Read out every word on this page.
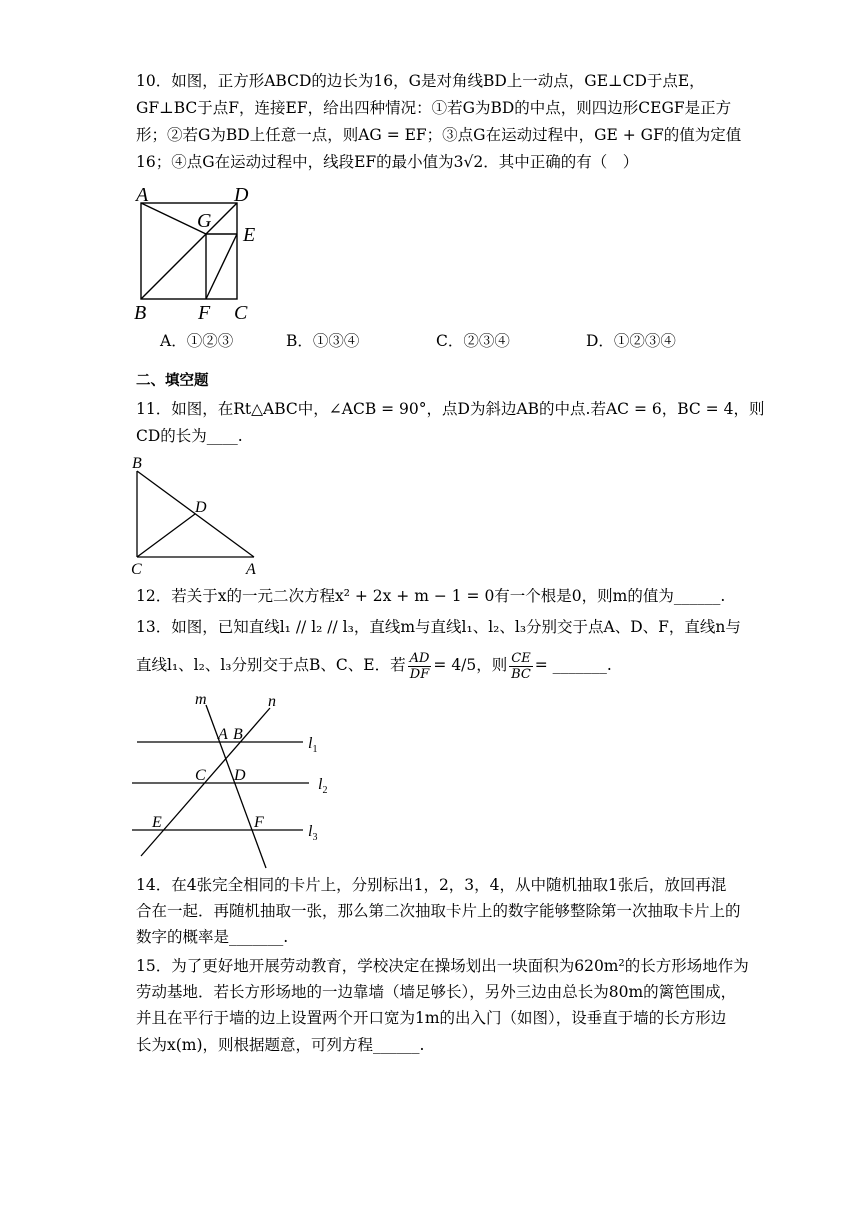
10．如图，正方形ABCD的边长为16，G是对角线BD上一动点，GE⊥CD于点E，
GF⊥BC于点F，连接EF，给出四种情况：①若G为BD的中点，则四边形CEGF是正方
形；②若G为BD上任意一点，则AG = EF；③点G在运动过程中，GE + GF的值为定值
16；④点G在运动过程中，线段EF的最小值为3√2．其中正确的有（　）
A	D
G
E
B	F C
A．①②③	B．①③④	C．②③④	D．①②③④
二、填空题
11．如图，在Rt△ABC中，∠ACB = 90°，点D为斜边AB的中点.若AC = 6，BC = 4，则
CD的长为____.
B
D
C	A
12．若关于x的一元二次方程x² + 2x + m − 1 = 0有一个根是0，则m的值为______.
13．如图，已知直线l₁ // l₂ // l₃，直线m与直线l₁、l₂、l₃分别交于点A、D、F，直线n与
直线l₁、l₂、l₃分别交于点B、C、E．若 $\frac{AD}{DF} = 4/5$，则 $\frac{CE}{BC}$ = _______.
m	n
A B
$l_1$
C D
$l_2$
E	F
$l_3$
14．在4张完全相同的卡片上，分别标出1，2，3，4，从中随机抽取1张后，放回再混
合在一起．再随机抽取一张，那么第二次抽取卡片上的数字能够整除第一次抽取卡片上的
数字的概率是_______.
15．为了更好地开展劳动教育，学校决定在操场划出一块面积为620m²的长方形场地作为
劳动基地．若长方形场地的一边靠墙（墙足够长），另外三边由总长为80m的篱笆围成，
并且在平行于墙的边上设置两个开口宽为1m的出入门（如图），设垂直于墙的长方形边
长为x(m)，则根据题意，可列方程______.
